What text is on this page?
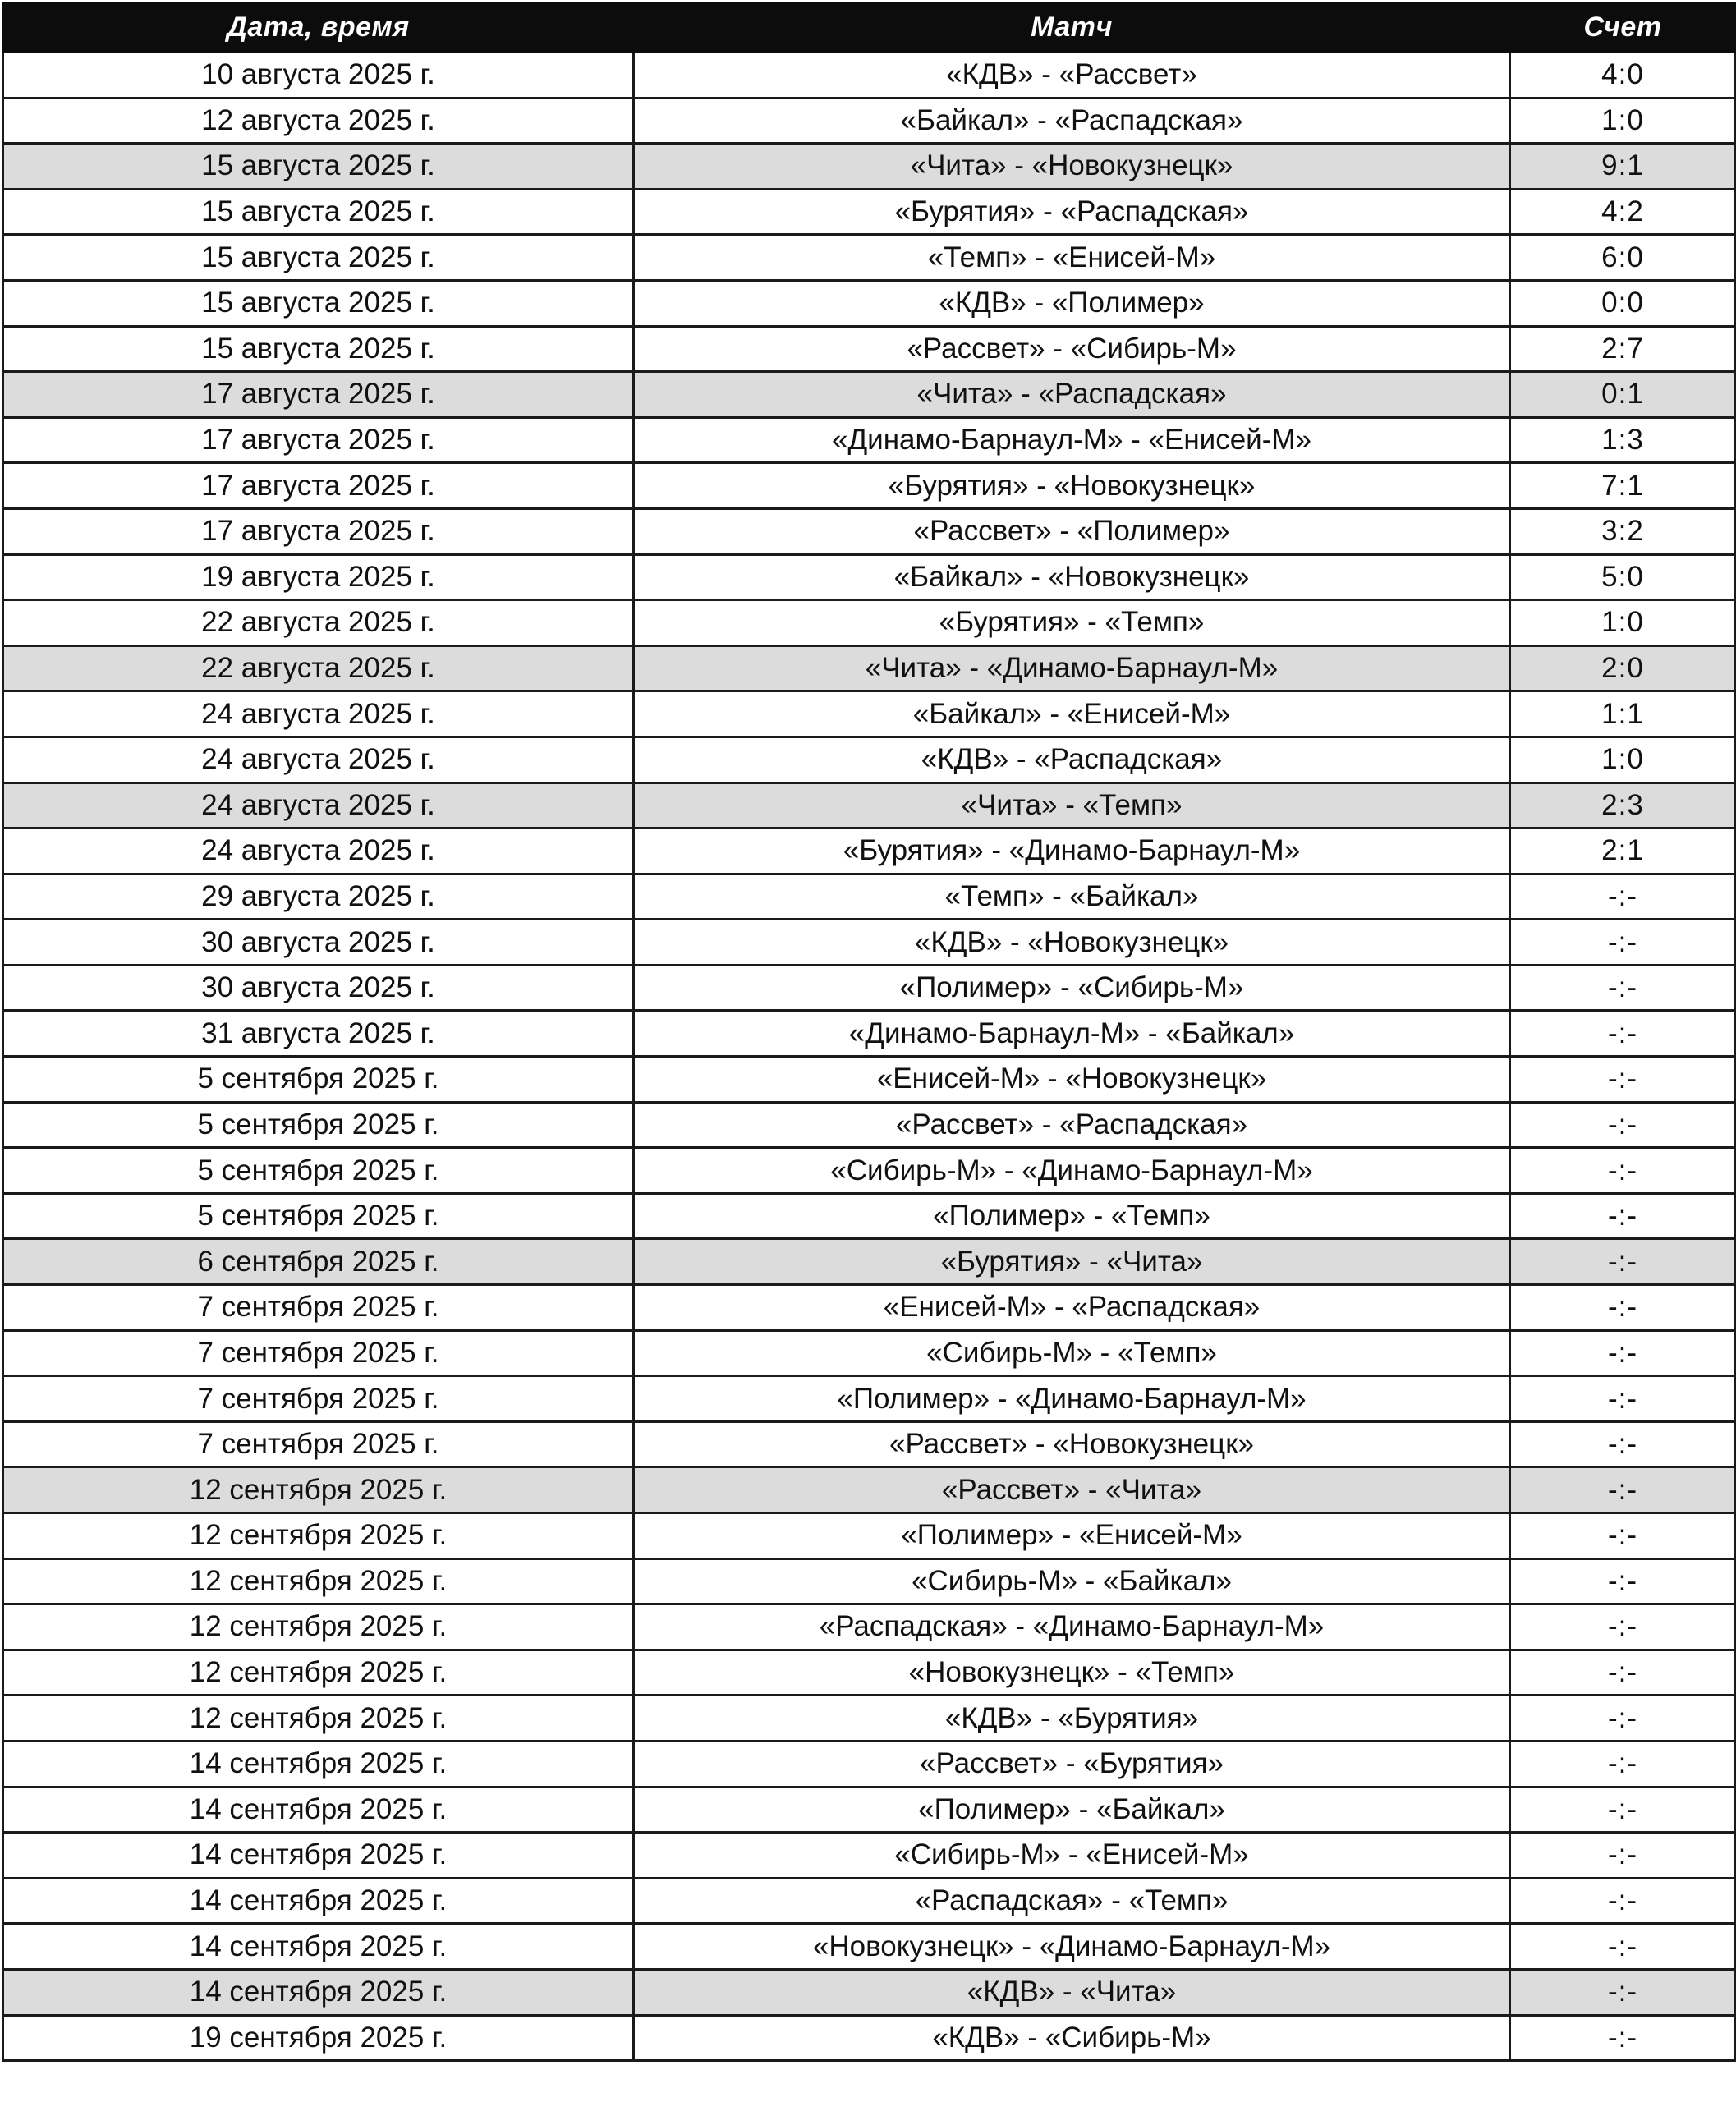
Дата, время	Матч	Счет
10 августа 2025 г.	«КДВ» - «Рассвет»	4:0
12 августа 2025 г.	«Байкал» - «Распадская»	1:0
15 августа 2025 г.	«Чита» - «Новокузнецк»	9:1
15 августа 2025 г.	«Бурятия» - «Распадская»	4:2
15 августа 2025 г.	«Темп» - «Енисей-М»	6:0
15 августа 2025 г.	«КДВ» - «Полимер»	0:0
15 августа 2025 г.	«Рассвет» - «Сибирь-М»	2:7
17 августа 2025 г.	«Чита» - «Распадская»	0:1
17 августа 2025 г.	«Динамо-Барнаул-М» - «Енисей-М»	1:3
17 августа 2025 г.	«Бурятия» - «Новокузнецк»	7:1
17 августа 2025 г.	«Рассвет» - «Полимер»	3:2
19 августа 2025 г.	«Байкал» - «Новокузнецк»	5:0
22 августа 2025 г.	«Бурятия» - «Темп»	1:0
22 августа 2025 г.	«Чита» - «Динамо-Барнаул-М»	2:0
24 августа 2025 г.	«Байкал» - «Енисей-М»	1:1
24 августа 2025 г.	«КДВ» - «Распадская»	1:0
24 августа 2025 г.	«Чита» - «Темп»	2:3
24 августа 2025 г.	«Бурятия» - «Динамо-Барнаул-М»	2:1
29 августа 2025 г.	«Темп» - «Байкал»	-:-
30 августа 2025 г.	«КДВ» - «Новокузнецк»	-:-
30 августа 2025 г.	«Полимер» - «Сибирь-М»	-:-
31 августа 2025 г.	«Динамо-Барнаул-М» - «Байкал»	-:-
5 сентября 2025 г.	«Енисей-М» - «Новокузнецк»	-:-
5 сентября 2025 г.	«Рассвет» - «Распадская»	-:-
5 сентября 2025 г.	«Сибирь-М» - «Динамо-Барнаул-М»	-:-
5 сентября 2025 г.	«Полимер» - «Темп»	-:-
6 сентября 2025 г.	«Бурятия» - «Чита»	-:-
7 сентября 2025 г.	«Енисей-М» - «Распадская»	-:-
7 сентября 2025 г.	«Сибирь-М» - «Темп»	-:-
7 сентября 2025 г.	«Полимер» - «Динамо-Барнаул-М»	-:-
7 сентября 2025 г.	«Рассвет» - «Новокузнецк»	-:-
12 сентября 2025 г.	«Рассвет» - «Чита»	-:-
12 сентября 2025 г.	«Полимер» - «Енисей-М»	-:-
12 сентября 2025 г.	«Сибирь-М» - «Байкал»	-:-
12 сентября 2025 г.	«Распадская» - «Динамо-Барнаул-М»	-:-
12 сентября 2025 г.	«Новокузнецк» - «Темп»	-:-
12 сентября 2025 г.	«КДВ» - «Бурятия»	-:-
14 сентября 2025 г.	«Рассвет» - «Бурятия»	-:-
14 сентября 2025 г.	«Полимер» - «Байкал»	-:-
14 сентября 2025 г.	«Сибирь-М» - «Енисей-М»	-:-
14 сентября 2025 г.	«Распадская» - «Темп»	-:-
14 сентября 2025 г.	«Новокузнецк» - «Динамо-Барнаул-М»	-:-
14 сентября 2025 г.	«КДВ» - «Чита»	-:-
19 сентября 2025 г.	«КДВ» - «Сибирь-М»	-:-
